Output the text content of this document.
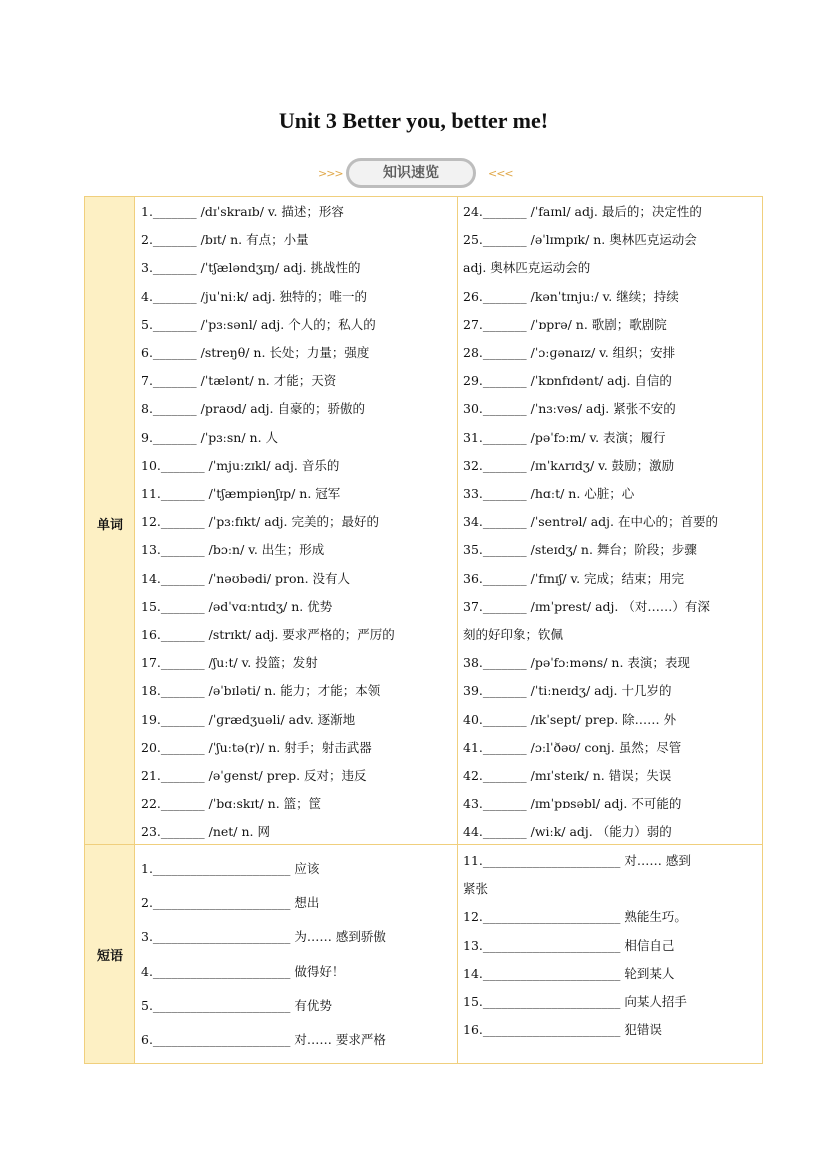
Unit 3 Better you, better me!
>>>	知识速览	<<<
单词
短语
1._______ /dɪˈskraɪb/ v. 描述；形容
2._______ /bɪt/ n. 有点；小量
3._______ /ˈtʃæləndʒɪŋ/ adj. 挑战性的
4._______ /juˈniːk/ adj. 独特的；唯一的
5._______ /ˈpɜːsənl/ adj. 个人的；私人的
6._______ /streŋθ/ n. 长处；力量；强度
7._______ /ˈtælənt/ n. 才能；天资
8._______ /praʊd/ adj. 自豪的；骄傲的
9._______ /ˈpɜːsn/ n. 人
10._______ /ˈmjuːzɪkl/ adj. 音乐的
11._______ /ˈtʃæmpiənʃɪp/ n. 冠军
12._______ /ˈpɜːfɪkt/ adj. 完美的；最好的
13._______ /bɔːn/ v. 出生；形成
14._______ /ˈnəʊbədi/ pron. 没有人
15._______ /ədˈvɑːntɪdʒ/ n. 优势
16._______ /strɪkt/ adj. 要求严格的；严厉的
17._______ /ʃuːt/ v. 投篮；发射
18._______ /əˈbɪləti/ n. 能力；才能；本领
19._______ /ˈɡrædʒuəli/ adv. 逐渐地
20._______ /ˈʃuːtə(r)/ n. 射手；射击武器
21._______ /əˈɡenst/ prep. 反对；违反
22._______ /ˈbɑːskɪt/ n. 篮；筐
23._______ /net/ n. 网
24._______ /ˈfaɪnl/ adj. 最后的；决定性的
25._______ /əˈlɪmpɪk/ n. 奥林匹克运动会
adj. 奥林匹克运动会的
26._______ /kənˈtɪnjuː/ v. 继续；持续
27._______ /ˈɒprə/ n. 歌剧；歌剧院
28._______ /ˈɔːɡənaɪz/ v. 组织；安排
29._______ /ˈkɒnfɪdənt/ adj. 自信的
30._______ /ˈnɜːvəs/ adj. 紧张不安的
31._______ /pəˈfɔːm/ v. 表演；履行
32._______ /ɪnˈkʌrɪdʒ/ v. 鼓励；激励
33._______ /hɑːt/ n. 心脏；心
34._______ /ˈsentrəl/ adj. 在中心的；首要的
35._______ /steɪdʒ/ n. 舞台；阶段；步骤
36._______ /ˈfɪnɪʃ/ v. 完成；结束；用完
37._______ /ɪmˈprest/ adj. （对……）有深
刻的好印象；钦佩
38._______ /pəˈfɔːməns/ n. 表演；表现
39._______ /ˈtiːneɪdʒ/ adj. 十几岁的
40._______ /ɪkˈsept/ prep. 除…… 外
41._______ /ɔːlˈðəʊ/ conj. 虽然；尽管
42._______ /mɪˈsteɪk/ n. 错误；失误
43._______ /ɪmˈpɒsəbl/ adj. 不可能的
44._______ /wiːk/ adj. （能力）弱的
1.______________________ 应该
2.______________________ 想出
3.______________________ 为…… 感到骄傲
4.______________________ 做得好！
5.______________________ 有优势
6.______________________ 对…… 要求严格
11.______________________ 对…… 感到
紧张
12.______________________ 熟能生巧。
13.______________________ 相信自己
14.______________________ 轮到某人
15.______________________ 向某人招手
16.______________________ 犯错误
